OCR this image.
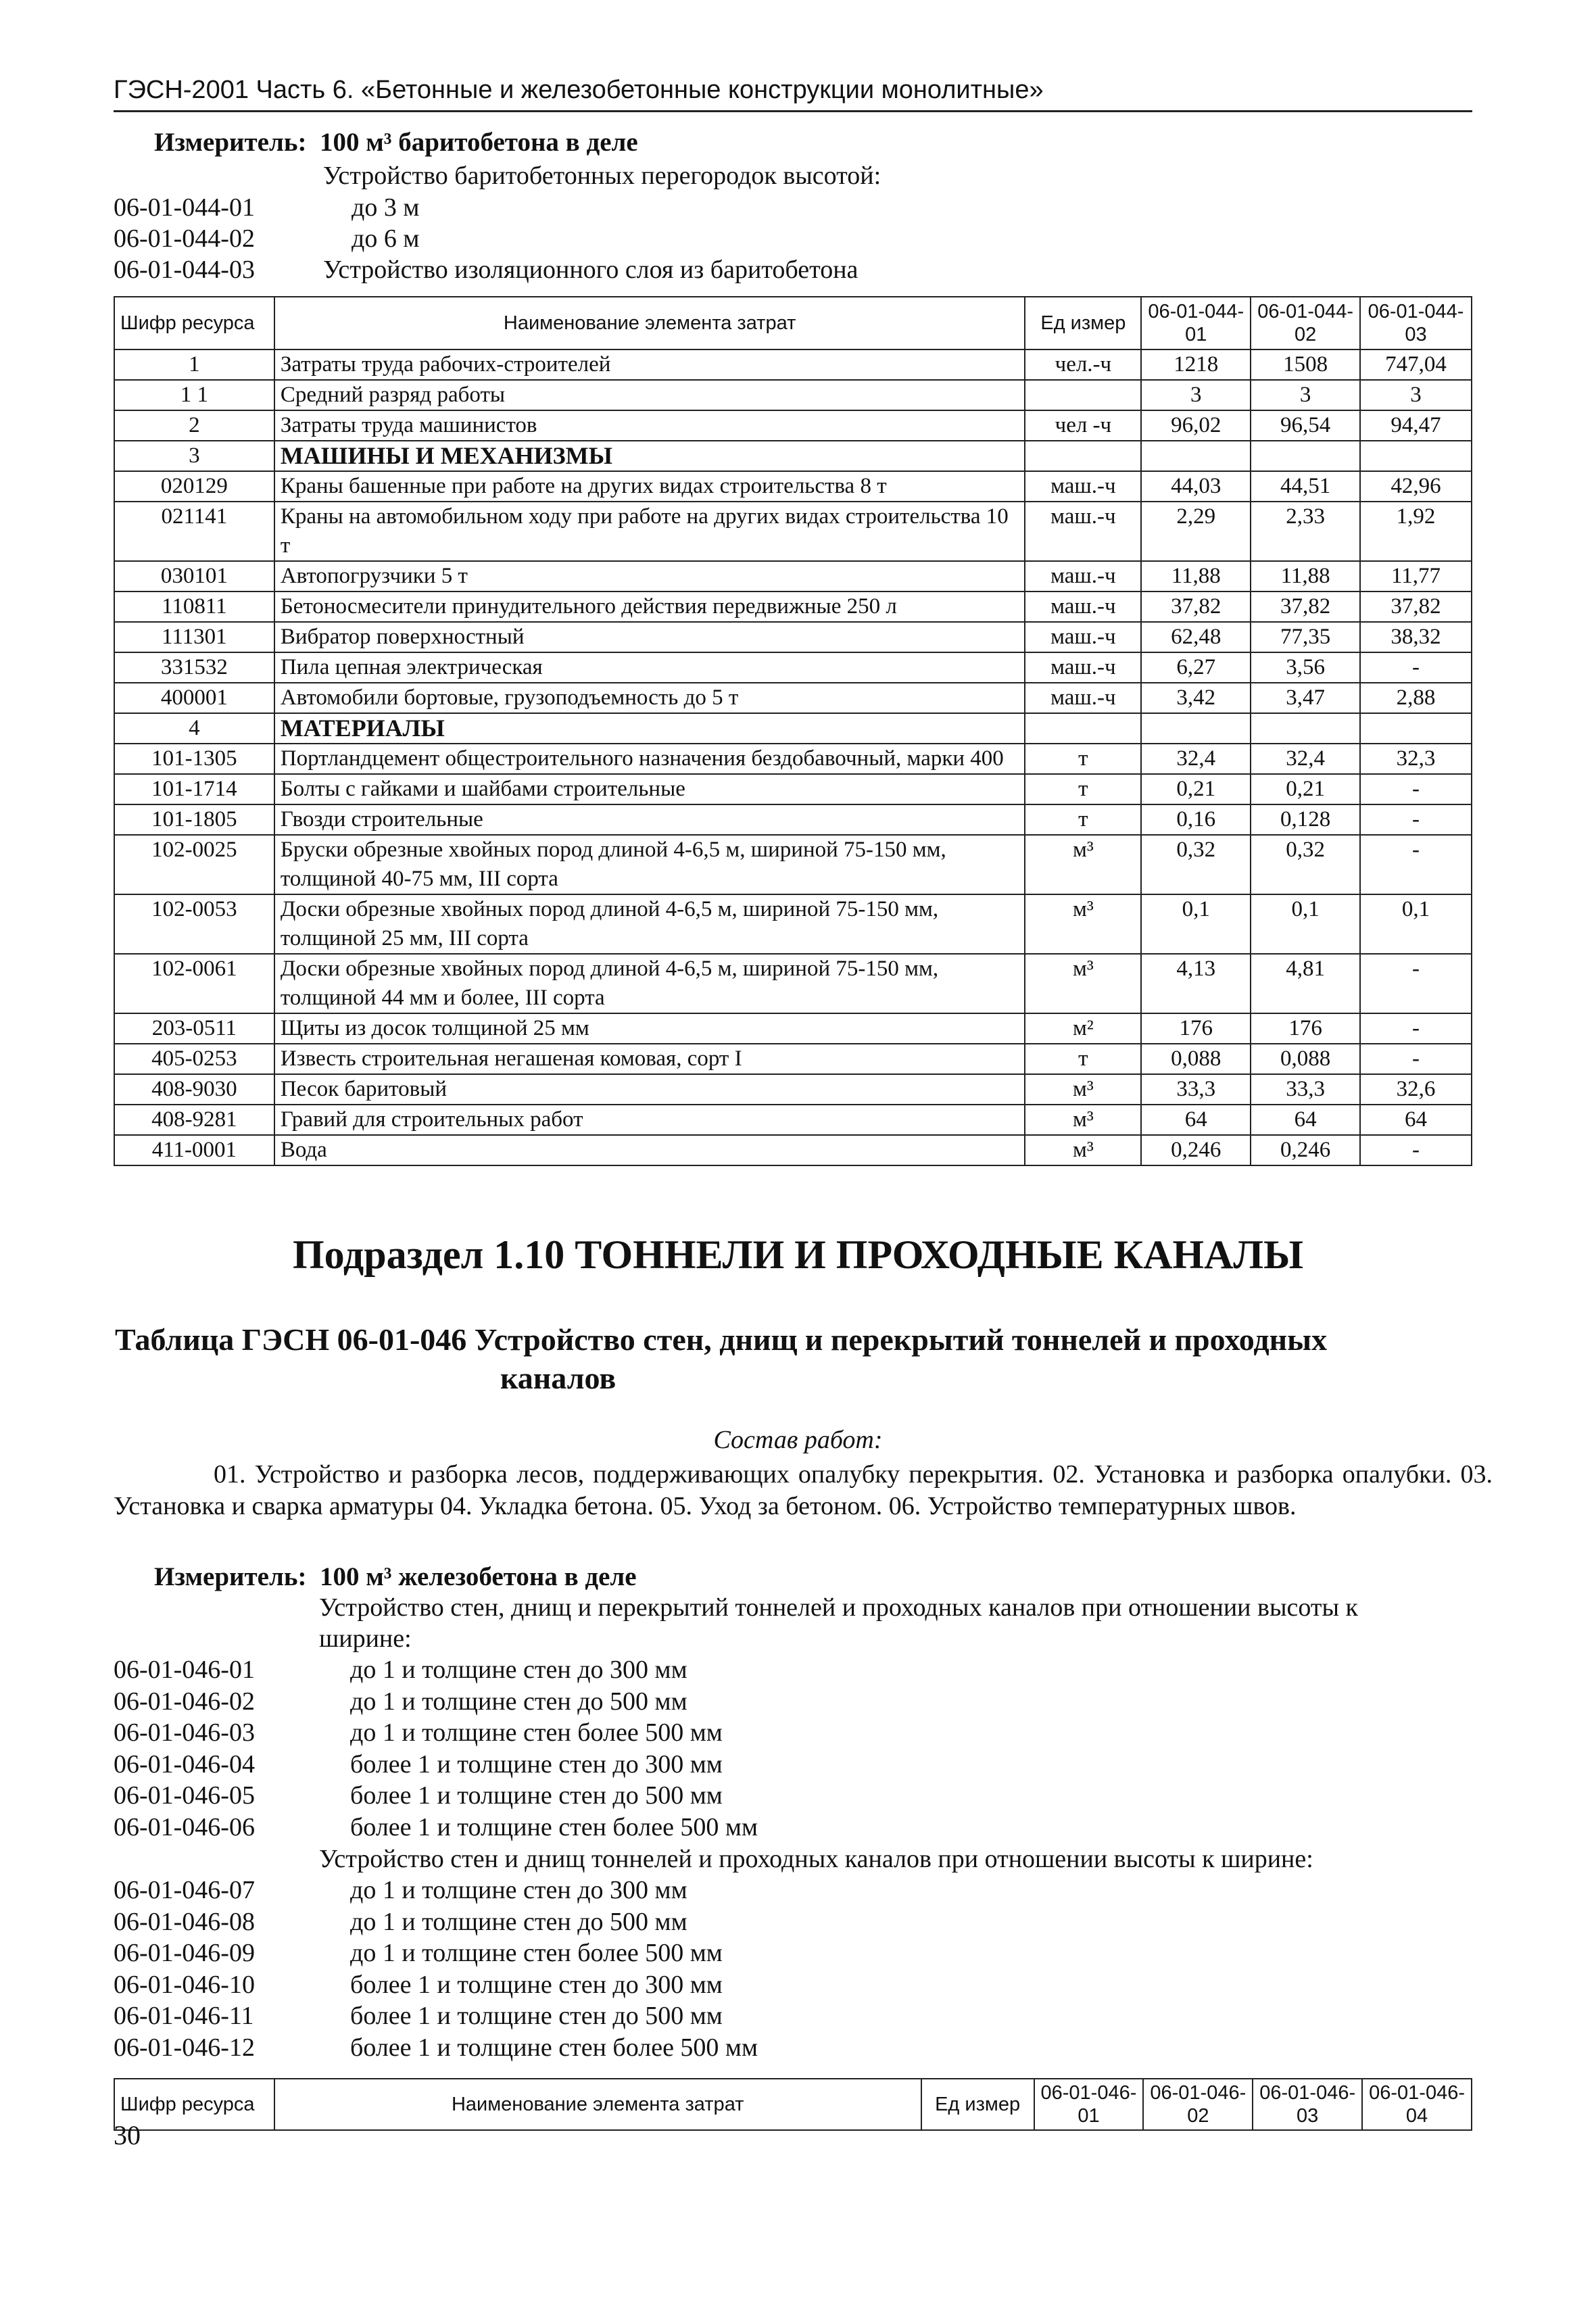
ГЭСН-2001 Часть 6. «Бетонные и железобетонные конструкции монолитные»
Измеритель: 100 м³ баритобетона в деле
Устройство баритобетонных перегородок высотой:
06-01-044-01	до 3 м
06-01-044-02	до 6 м
06-01-044-03	Устройство изоляционного слоя из баритобетона
Шифр ресурса	Наименование элемента затрат	Ед измер	06-01-044-01	06-01-044-02	06-01-044-03
1	Затраты труда рабочих-строителей	чел.-ч	1218	1508	747,04
1 1	Средний разряд работы		3	3	3
2	Затраты труда машинистов	чел -ч	96,02	96,54	94,47
3	МАШИНЫ И МЕХАНИЗМЫ				
020129	Краны башенные при работе на других видах строительства 8 т	маш.-ч	44,03	44,51	42,96
021141	Краны на автомобильном ходу при работе на других видах строительства 10 т	маш.-ч	2,29	2,33	1,92
030101	Автопогрузчики 5 т	маш.-ч	11,88	11,88	11,77
110811	Бетоносмесители принудительного действия передвижные 250 л	маш.-ч	37,82	37,82	37,82
111301	Вибратор поверхностный	маш.-ч	62,48	77,35	38,32
331532	Пила цепная электрическая	маш.-ч	6,27	3,56	-
400001	Автомобили бортовые, грузоподъемность до 5 т	маш.-ч	3,42	3,47	2,88
4	МАТЕРИАЛЫ				
101-1305	Портландцемент общестроительного назначения бездобавочный, марки 400	т	32,4	32,4	32,3
101-1714	Болты с гайками и шайбами строительные	т	0,21	0,21	-
101-1805	Гвозди строительные	т	0,16	0,128	-
102-0025	Бруски обрезные хвойных пород длиной 4-6,5 м, шириной 75-150 мм, толщиной 40-75 мм, III сорта	м³	0,32	0,32	-
102-0053	Доски обрезные хвойных пород длиной 4-6,5 м, шириной 75-150 мм, толщиной 25 мм, III сорта	м³	0,1	0,1	0,1
102-0061	Доски обрезные хвойных пород длиной 4-6,5 м, шириной 75-150 мм, толщиной 44 мм и более, III сорта	м³	4,13	4,81	-
203-0511	Щиты из досок толщиной 25 мм	м²	176	176	-
405-0253	Известь строительная негашеная комовая, сорт I	т	0,088	0,088	-
408-9030	Песок баритовый	м³	33,3	33,3	32,6
408-9281	Гравий для строительных работ	м³	64	64	64
411-0001	Вода	м³	0,246	0,246	-
Подраздел 1.10 ТОННЕЛИ И ПРОХОДНЫЕ КАНАЛЫ
Таблица ГЭСН 06-01-046 Устройство стен, днищ и перекрытий тоннелей и проходных
каналов
Состав работ:
01. Устройство и разборка лесов, поддерживающих опалубку перекрытия. 02. Установка и разборка опалубки. 03. Установка и сварка арматуры 04. Укладка бетона. 05. Уход за бетоном. 06. Устройство температурных швов.
Измеритель: 100 м³ железобетона в деле
Устройство стен, днищ и перекрытий тоннелей и проходных каналов при отношении высоты к
ширине:
06-01-046-01	до 1 и толщине стен до 300 мм
06-01-046-02	до 1 и толщине стен до 500 мм
06-01-046-03	до 1 и толщине стен более 500 мм
06-01-046-04	более 1 и толщине стен до 300 мм
06-01-046-05	более 1 и толщине стен до 500 мм
06-01-046-06	более 1 и толщине стен более 500 мм
Устройство стен и днищ тоннелей и проходных каналов при отношении высоты к ширине:
06-01-046-07	до 1 и толщине стен до 300 мм
06-01-046-08	до 1 и толщине стен до 500 мм
06-01-046-09	до 1 и толщине стен более 500 мм
06-01-046-10	более 1 и толщине стен до 300 мм
06-01-046-11	более 1 и толщине стен до 500 мм
06-01-046-12	более 1 и толщине стен более 500 мм
Шифр ресурса	Наименование элемента затрат	Ед измер	06-01-046-01	06-01-046-02	06-01-046-03	06-01-046-04
30
